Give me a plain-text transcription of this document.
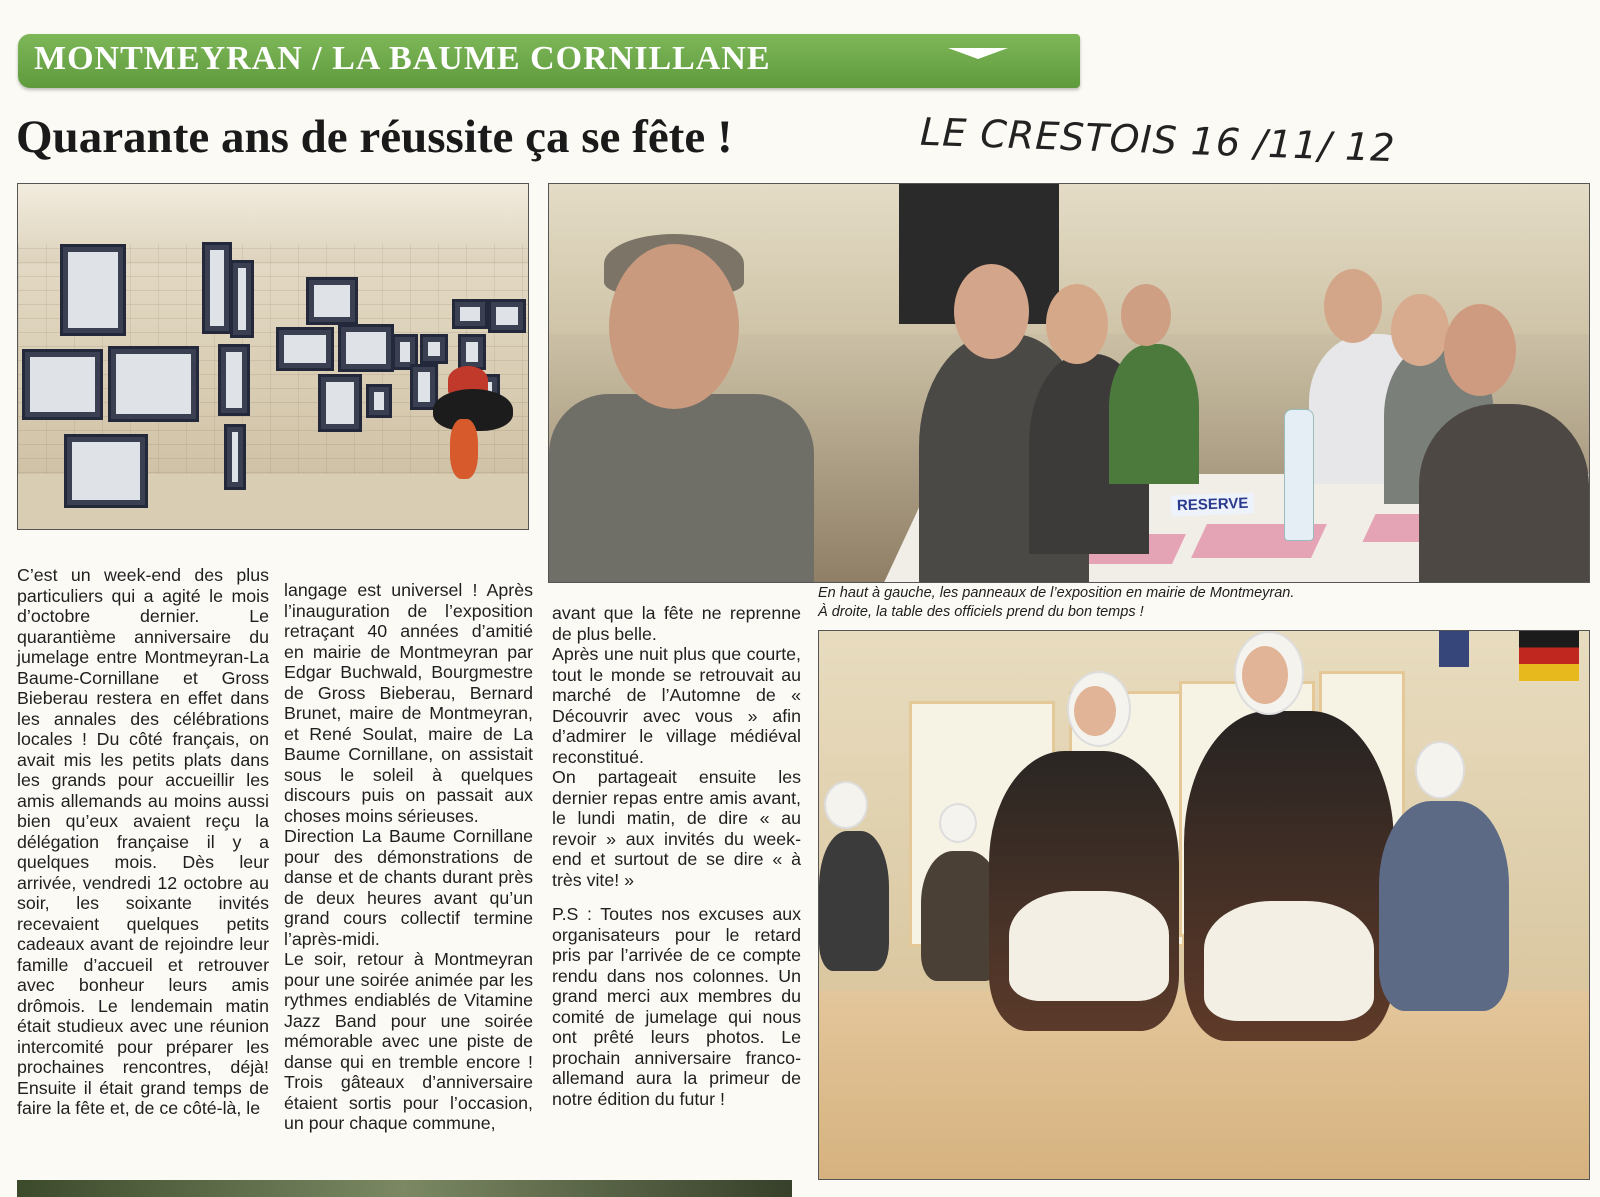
MONTMEYRAN / LA BAUME CORNILLANE
Quarante ans de réussite ça se fête !	LE CRESTOIS 16 /11/ 12
RESERVE

En haut à gauche, les panneaux de l’exposition en mairie de Montmeyran.

À droite, la table des officiels prend du bon temps !

C’est un week-end des plus particuliers qui a agité le mois d’octobre dernier. Le quarantième anniversaire du jumelage entre Montmeyran-La Baume-Cornillane et Gross Bieberau restera en effet dans les annales des célébrations locales ! Du côté français, on avait mis les petits plats dans les grands pour accueillir les amis allemands au moins aussi bien qu’eux avaient reçu la délégation française il y a quelques mois. Dès leur arrivée, vendredi 12 octobre au soir, les soixante invités recevaient quelques petits cadeaux avant de rejoindre leur famille d’accueil et retrouver avec bonheur leurs amis drômois. Le lendemain matin était studieux avec une réunion intercomité pour préparer les prochaines rencontres, déjà! Ensuite il était grand temps de faire la fête et, de ce côté-là, le

langage est universel ! Après l’inauguration de l’exposition retraçant 40 années d’amitié en mairie de Montmeyran par Edgar Buchwald, Bourgmestre de Gross Bieberau, Bernard Brunet, maire de Montmeyran, et René Soulat, maire de La Baume Cornillane, on assistait sous le soleil à quelques discours puis on passait aux choses moins sérieuses.

Direction La Baume Cornillane pour des démonstrations de danse et de chants durant près de deux heures avant qu’un grand cours collectif termine l’après-midi.

Le soir, retour à Montmeyran pour une soirée animée par les rythmes endiablés de Vitamine Jazz Band pour une soirée mémorable avec une piste de danse qui en tremble encore ! Trois gâteaux d’anniversaire étaient sortis pour l’occasion, un pour chaque commune,

avant que la fête ne reprenne de plus belle.

Après une nuit plus que courte, tout le monde se retrouvait au marché de l’Automne de « Découvrir avec vous » afin d’admirer le village médiéval reconstitué.

On partageait ensuite les dernier repas entre amis avant, le lundi matin, de dire « au revoir » aux invités du week-end et surtout de se dire « à très vite! »

P.S : Toutes nos excuses aux organisateurs pour le retard pris par l’arrivée de ce compte rendu dans nos colonnes. Un grand merci aux membres du comité de jumelage qui nous ont prêté leurs photos. Le prochain anniversaire franco-allemand aura la primeur de notre édition du futur !
